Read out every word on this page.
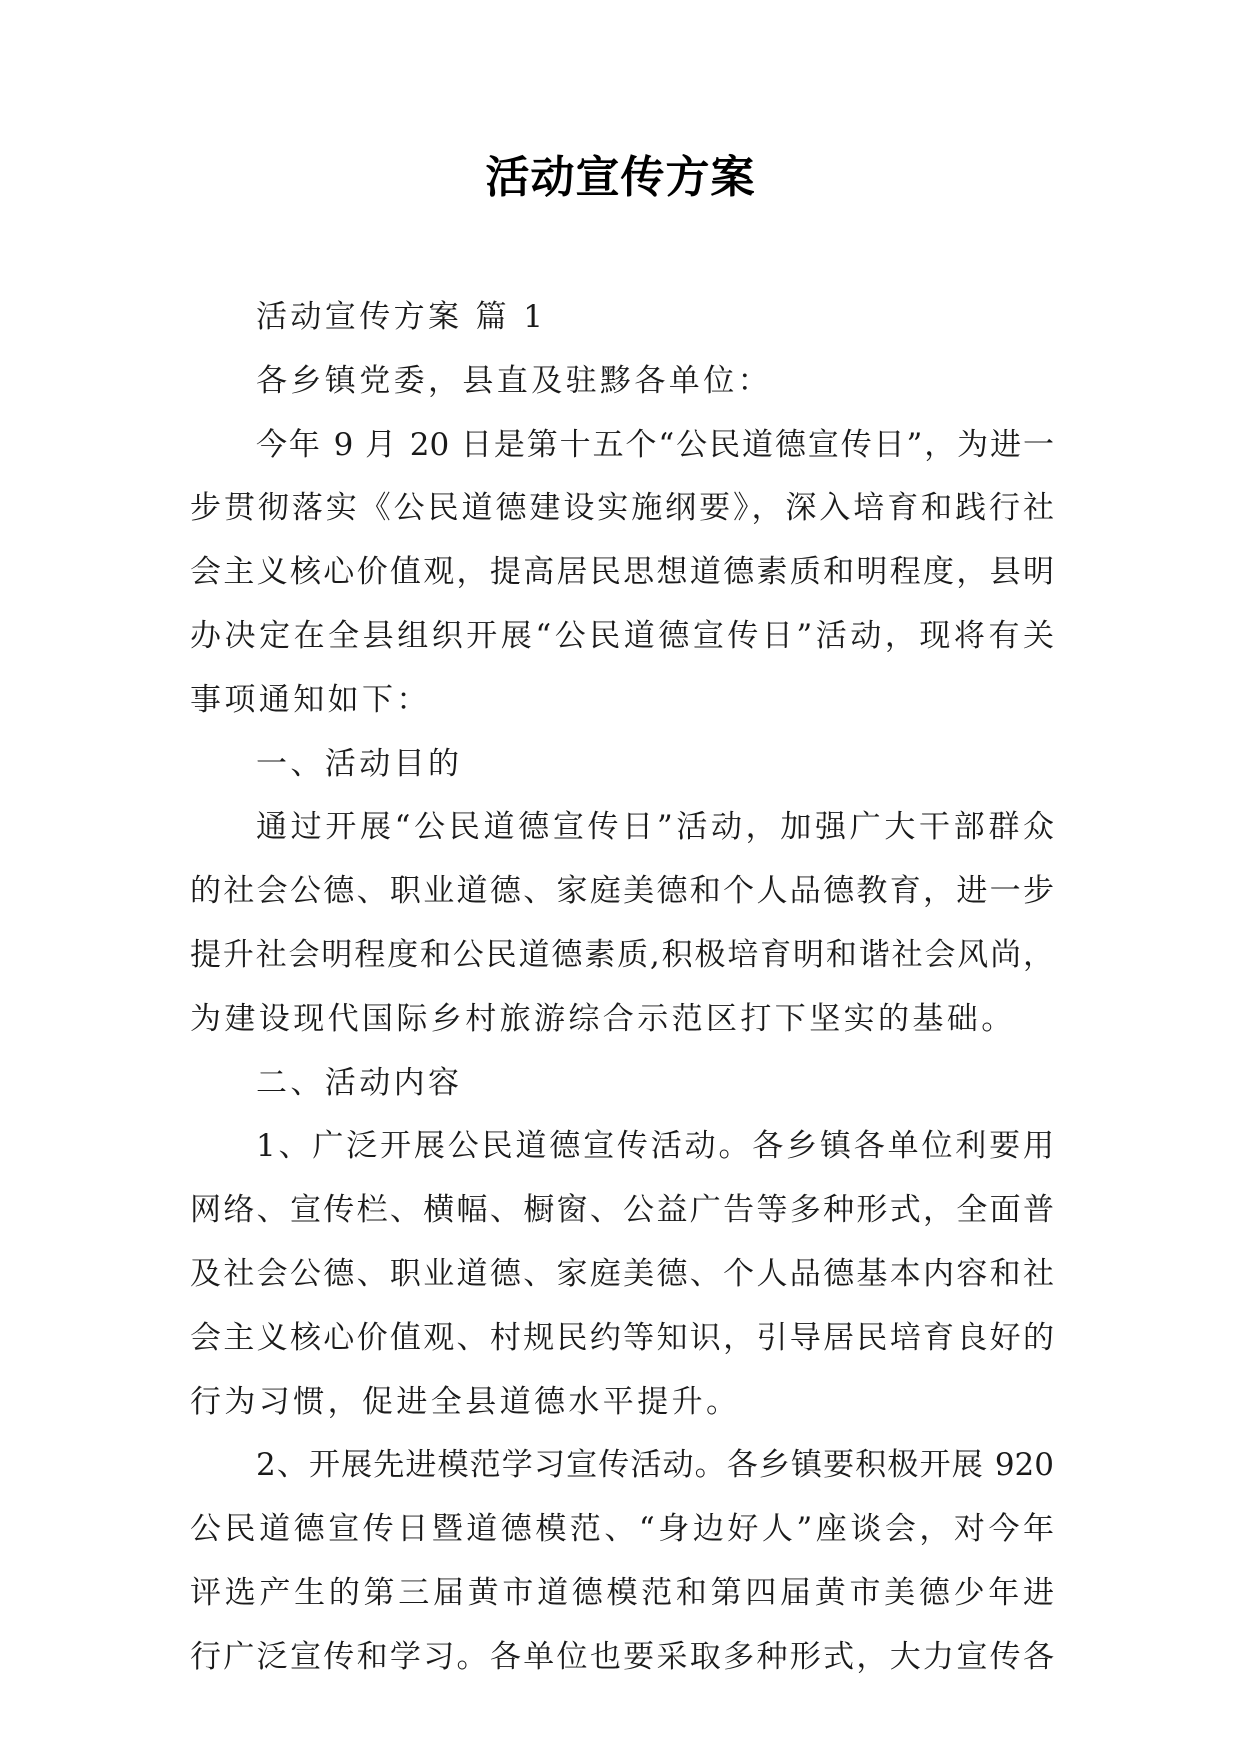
活动宣传方案

活动宣传方案 篇 1

各乡镇党委，县直及驻黟各单位：

今年 9 月 20 日是第十五个“公民道德宣传日”，为进一

步贯彻落实《公民道德建设实施纲要》，深入培育和践行社

会主义核心价值观，提高居民思想道德素质和明程度，县明

办决定在全县组织开展“公民道德宣传日”活动，现将有关

事项通知如下：

一、活动目的

通过开展“公民道德宣传日”活动，加强广大干部群众

的社会公德、职业道德、家庭美德和个人品德教育，进一步

提升社会明程度和公民道德素质,积极培育明和谐社会风尚，

为建设现代国际乡村旅游综合示范区打下坚实的基础。

二、活动内容

1、广泛开展公民道德宣传活动。各乡镇各单位利要用

网络、宣传栏、横幅、橱窗、公益广告等多种形式，全面普

及社会公德、职业道德、家庭美德、个人品德基本内容和社

会主义核心价值观、村规民约等知识，引导居民培育良好的

行为习惯，促进全县道德水平提升。

2、开展先进模范学习宣传活动。各乡镇要积极开展 920

公民道德宣传日暨道德模范、“身边好人”座谈会，对今年

评选产生的第三届黄市道德模范和第四届黄市美德少年进

行广泛宣传和学习。各单位也要采取多种形式，大力宣传各
